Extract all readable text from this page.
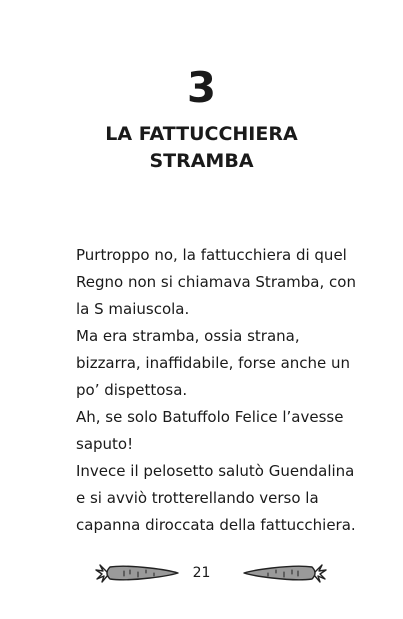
3
LA FATTUCCHIERA
STRAMBA
Purtroppo no, la fattucchiera di quel
Regno non si chiamava Stramba, con
la S maiuscola.
Ma era stramba, ossia strana,
bizzarra, inaffidabile, forse anche un
po’ dispettosa.
Ah, se solo Batuffolo Felice l’avesse
saputo!
Invece il pelosetto salutò Guendalina
e si avviò trotterellando verso la
capanna diroccata della fattucchiera.
21
